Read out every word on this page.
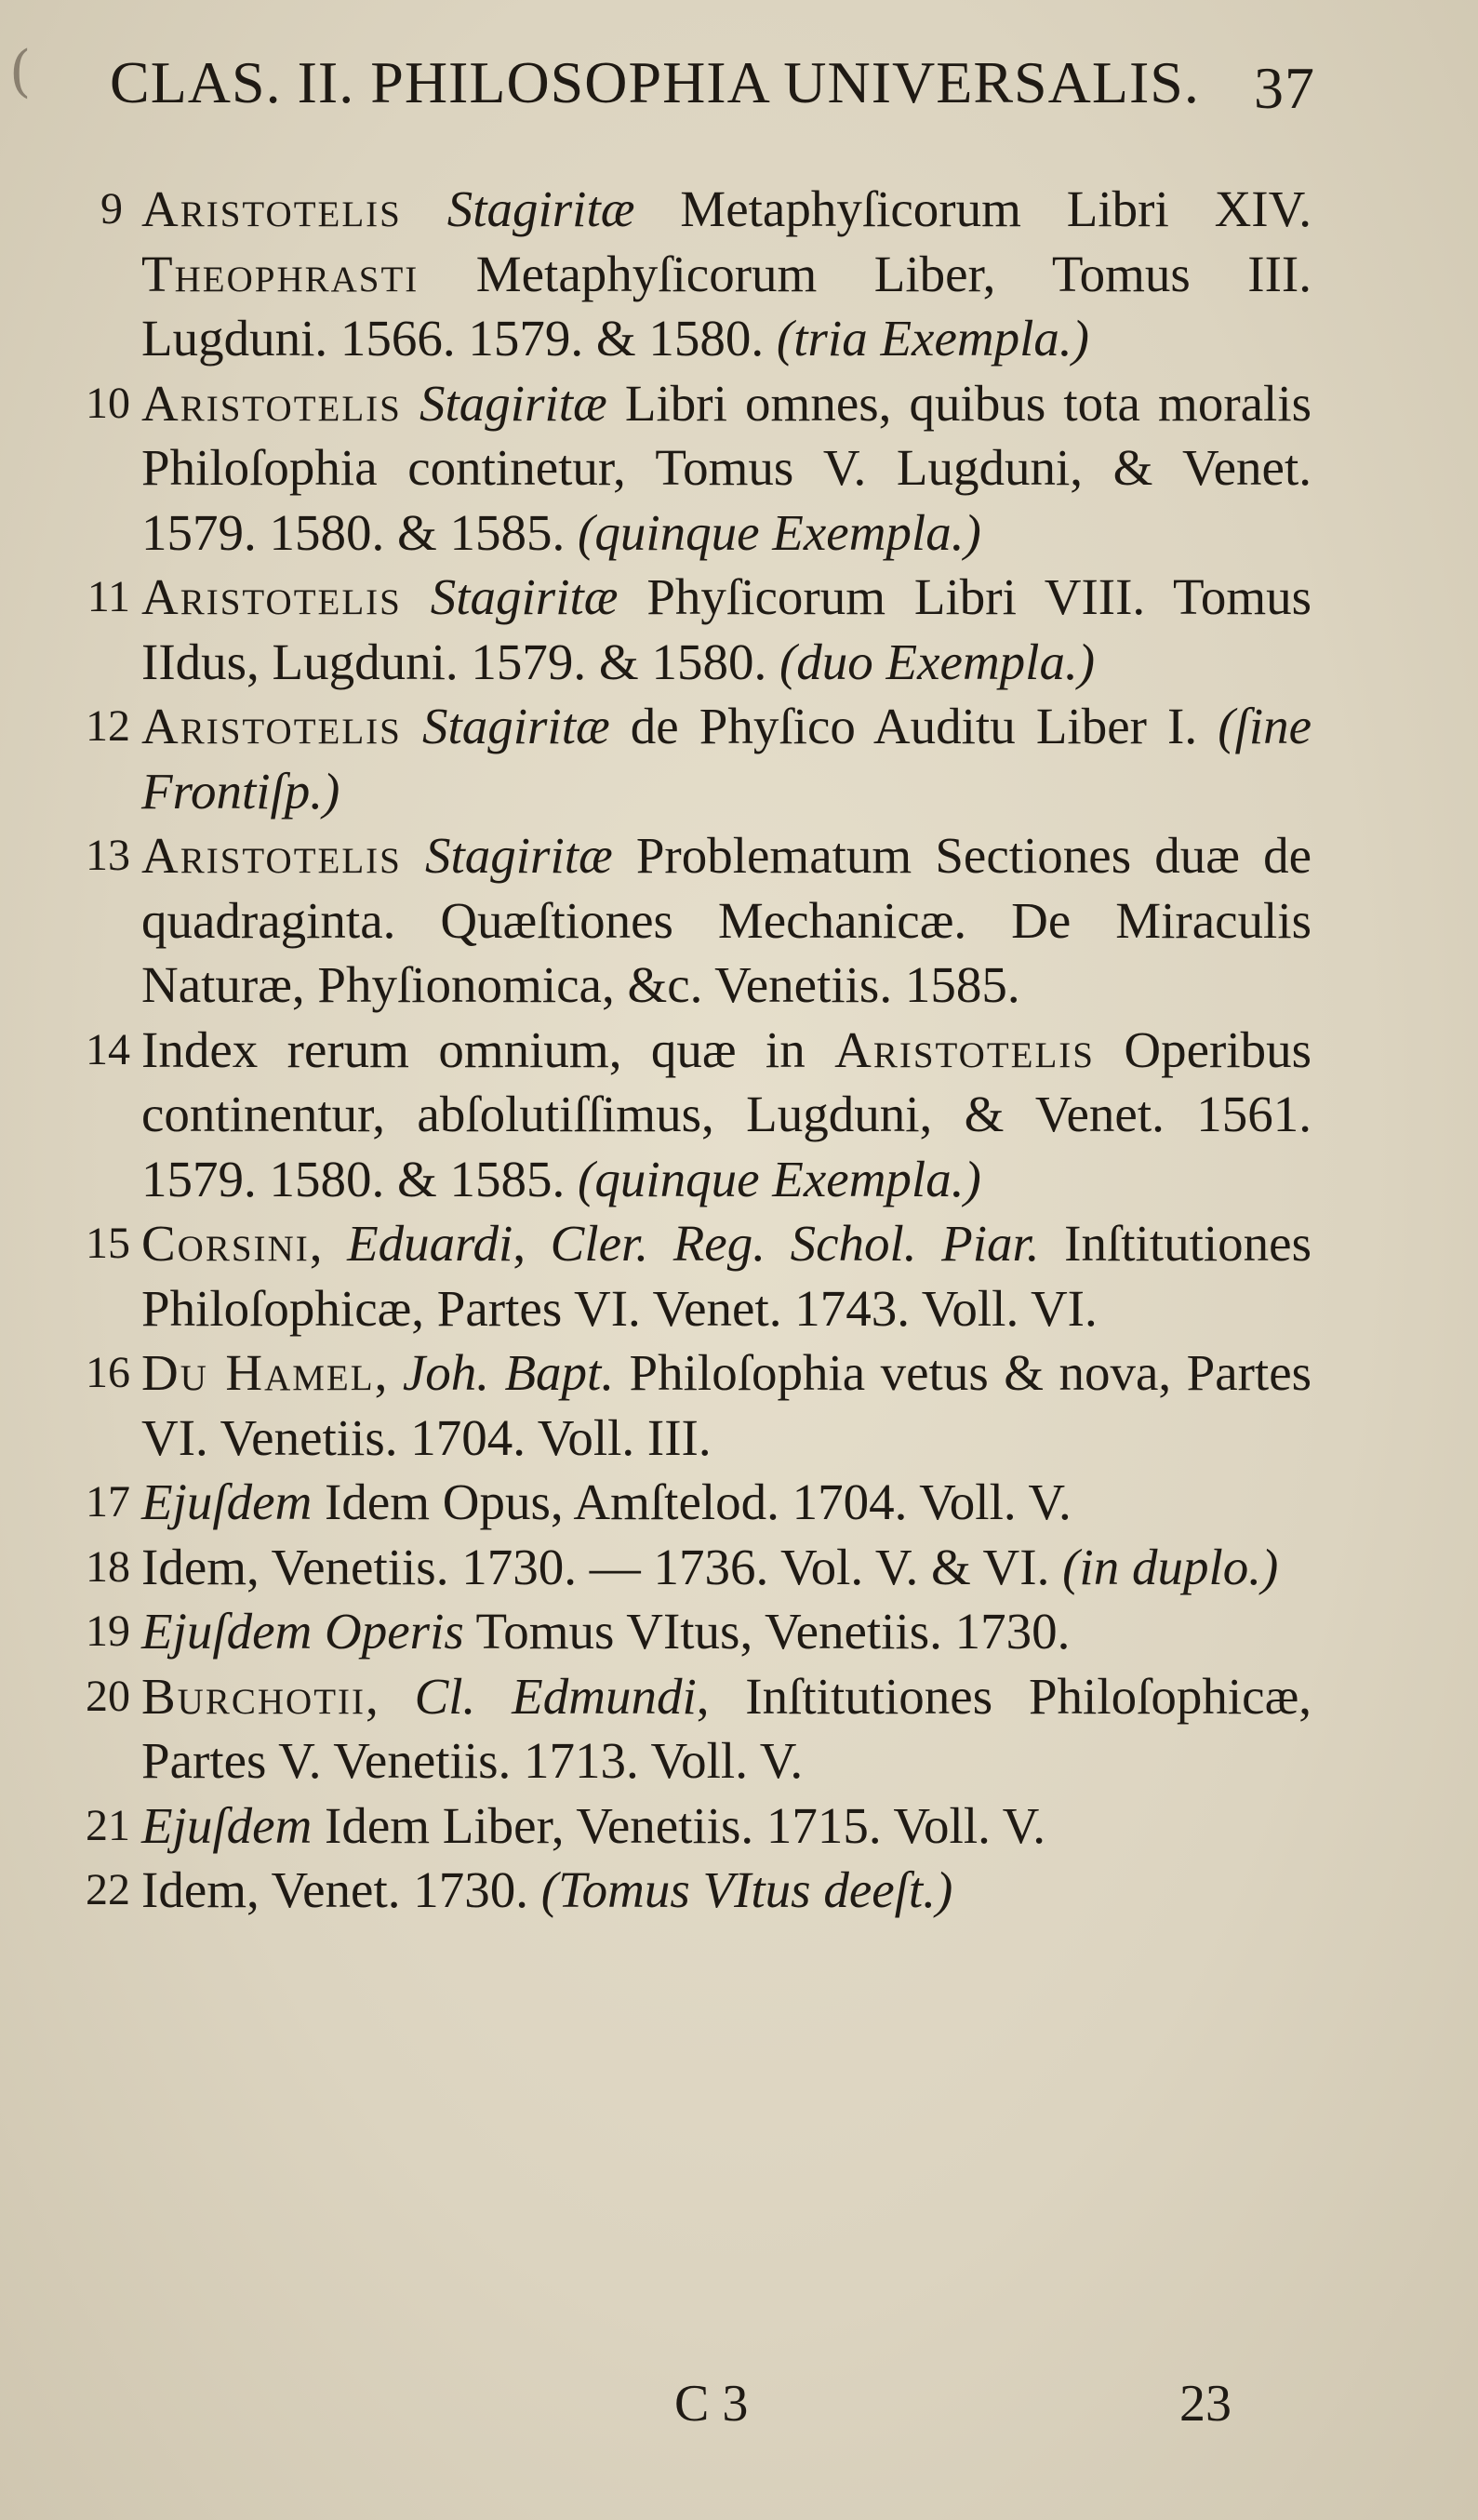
( CLAS. II. PHILOSOPHIA UNIVERSALIS. 37
9 Aristotelis Stagiritæ Metaphyſicorum Libri XIV. Theophrasti Metaphyſicorum Liber, Tomus III. Lugduni. 1566. 1579. & 1580. (tria Exempla.)
10 Aristotelis Stagiritæ Libri omnes, quibus tota moralis Philoſophia continetur, Tomus V. Lugduni, & Venet. 1579. 1580. & 1585. (quinque Exempla.)
11 Aristotelis Stagiritæ Phyſicorum Libri VIII. Tomus IIdus, Lugduni. 1579. & 1580. (duo Exempla.)
12 Aristotelis Stagiritæ de Phyſico Auditu Liber I. (ſine Frontiſp.)
13 Aristotelis Stagiritæ Problematum Sectiones duæ de quadraginta. Quæſtiones Mechanicæ. De Miraculis Naturæ, Phyſionomica, &c. Venetiis. 1585.
14 Index rerum omnium, quæ in Aristotelis Operibus continentur, abſolutiſſimus, Lugduni, & Venet. 1561. 1579. 1580. & 1585. (quinque Exempla.)
15 Corsini, Eduardi, Cler. Reg. Schol. Piar. Inſtitutiones Philoſophicæ, Partes VI. Venet. 1743. Voll. VI.
16 Du Hamel, Joh. Bapt. Philoſophia vetus & nova, Partes VI. Venetiis. 1704. Voll. III.
17 Ejuſdem Idem Opus, Amſtelod. 1704. Voll. V.
18 Idem, Venetiis. 1730. — 1736. Vol. V. & VI. (in duplo.)
19 Ejuſdem Operis Tomus VItus, Venetiis. 1730.
20 Burchotii, Cl. Edmundi, Inſtitutiones Philoſophicæ, Partes V. Venetiis. 1713. Voll. V.
21 Ejuſdem Idem Liber, Venetiis. 1715. Voll. V.
22 Idem, Venet. 1730. (Tomus VItus deeſt.)
C 3	23
